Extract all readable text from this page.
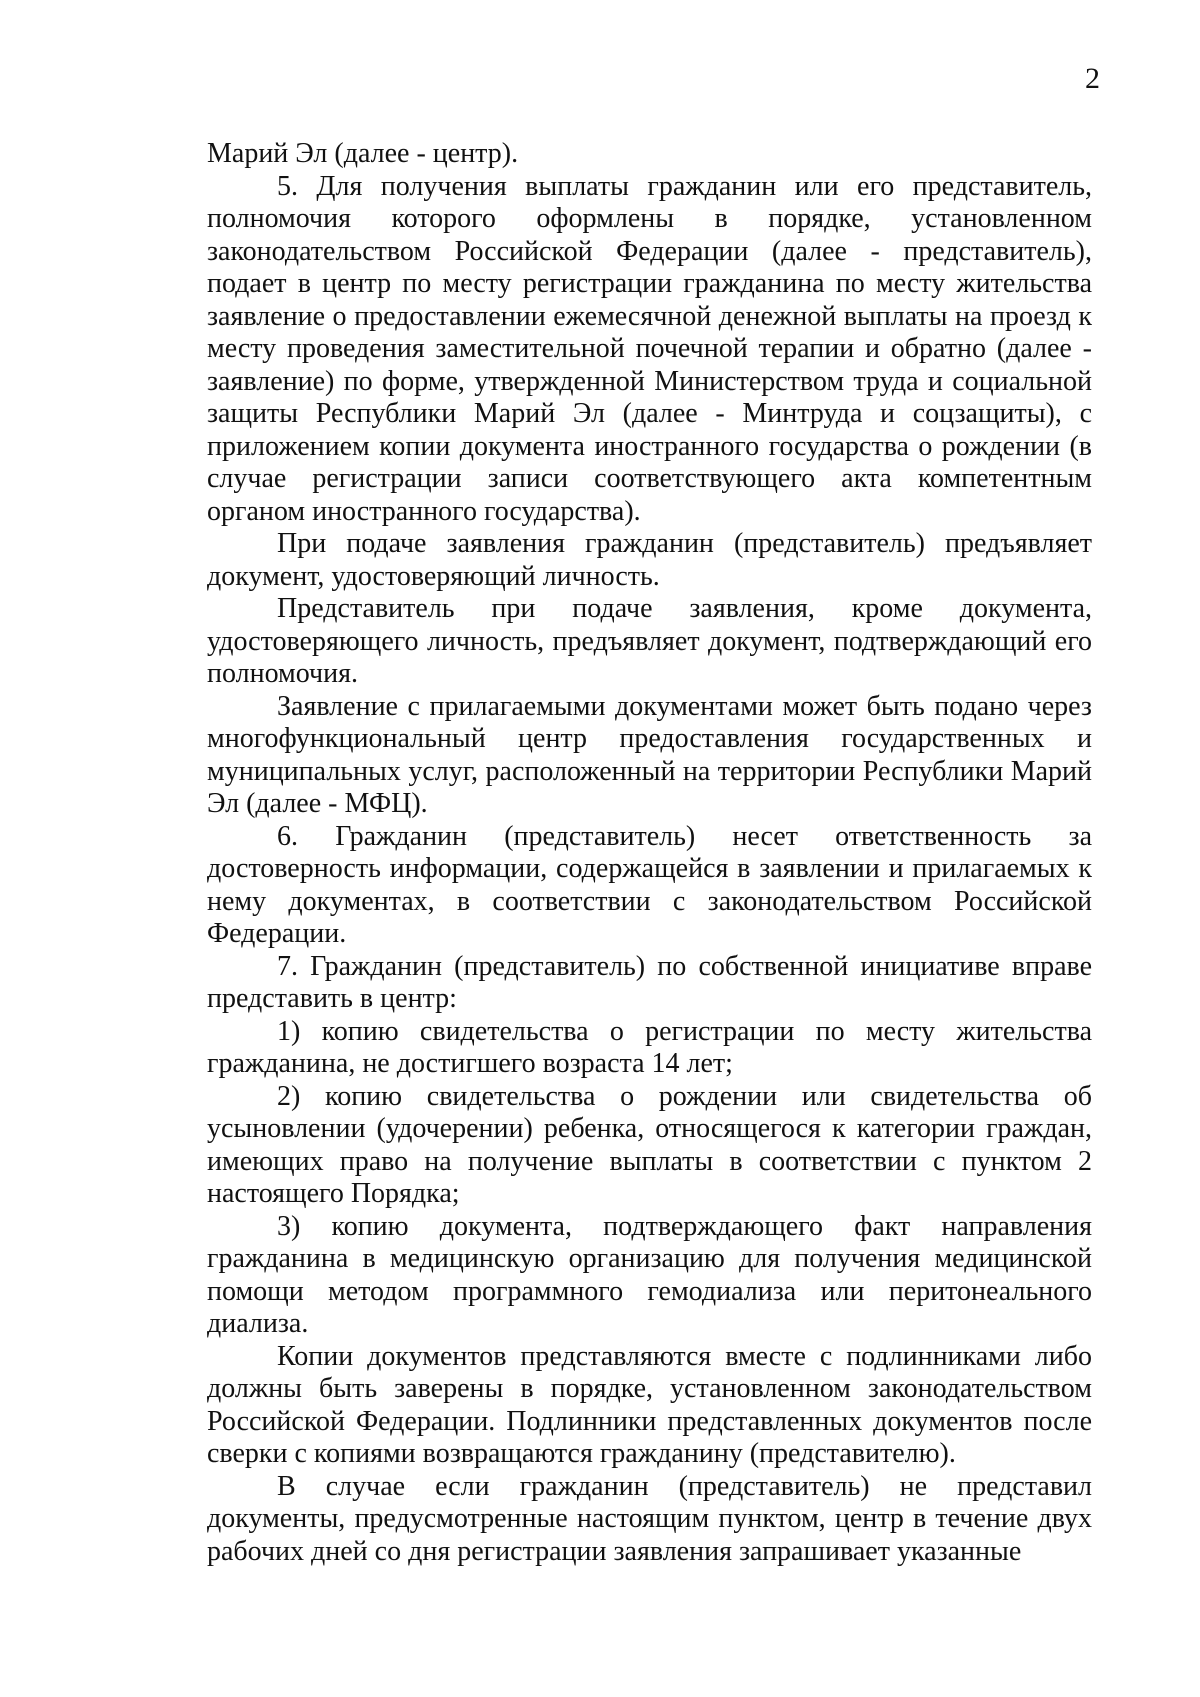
2

Марий Эл (далее - центр).

5. Для получения выплаты гражданин или его представитель, полномочия которого оформлены в порядке, установленном законодательством Российской Федерации (далее - представитель), подает в центр по месту регистрации гражданина по месту жительства заявление о предоставлении ежемесячной денежной выплаты на проезд к месту проведения заместительной почечной терапии и обратно (далее - заявление) по форме, утвержденной Министерством труда и социальной защиты Республики Марий Эл (далее - Минтруда и соцзащиты), с приложением копии документа иностранного государства о рождении (в случае регистрации записи соответствующего акта компетентным органом иностранного государства).

При подаче заявления гражданин (представитель) предъявляет документ, удостоверяющий личность.

Представитель при подаче заявления, кроме документа, удостоверяющего личность, предъявляет документ, подтверждающий его полномочия.

Заявление с прилагаемыми документами может быть подано через многофункциональный центр предоставления государственных и муниципальных услуг, расположенный на территории Республики Марий Эл (далее - МФЦ).

6. Гражданин (представитель) несет ответственность за достоверность информации, содержащейся в заявлении и прилагаемых к нему документах, в соответствии с законодательством Российской Федерации.

7. Гражданин (представитель) по собственной инициативе вправе представить в центр:

1) копию свидетельства о регистрации по месту жительства гражданина, не достигшего возраста 14 лет;

2) копию свидетельства о рождении или свидетельства об усыновлении (удочерении) ребенка, относящегося к категории граждан, имеющих право на получение выплаты в соответствии с пунктом 2 настоящего Порядка;

3) копию документа, подтверждающего факт направления гражданина в медицинскую организацию для получения медицинской помощи методом программного гемодиализа или перитонеального диализа.

Копии документов представляются вместе с подлинниками либо должны быть заверены в порядке, установленном законодательством Российской Федерации. Подлинники представленных документов после сверки с копиями возвращаются гражданину (представителю).

В случае если гражданин (представитель) не представил документы, предусмотренные настоящим пунктом, центр в течение двух рабочих дней со дня регистрации заявления запрашивает указанные
